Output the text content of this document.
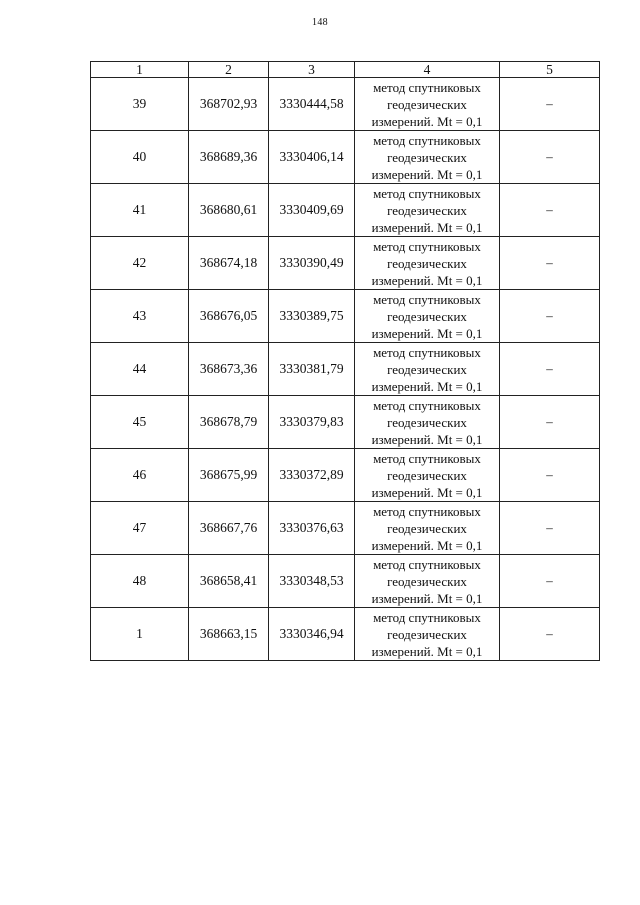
148
1	2	3	4	5
39	368702,93	3330444,58	метод спутниковых
геодезических
измерений. Mt = 0,1	–
40	368689,36	3330406,14	метод спутниковых
геодезических
измерений. Mt = 0,1	–
41	368680,61	3330409,69	метод спутниковых
геодезических
измерений. Mt = 0,1	–
42	368674,18	3330390,49	метод спутниковых
геодезических
измерений. Mt = 0,1	–
43	368676,05	3330389,75	метод спутниковых
геодезических
измерений. Mt = 0,1	–
44	368673,36	3330381,79	метод спутниковых
геодезических
измерений. Mt = 0,1	–
45	368678,79	3330379,83	метод спутниковых
геодезических
измерений. Mt = 0,1	–
46	368675,99	3330372,89	метод спутниковых
геодезических
измерений. Mt = 0,1	–
47	368667,76	3330376,63	метод спутниковых
геодезических
измерений. Mt = 0,1	–
48	368658,41	3330348,53	метод спутниковых
геодезических
измерений. Mt = 0,1	–
1	368663,15	3330346,94	метод спутниковых
геодезических
измерений. Mt = 0,1	–
